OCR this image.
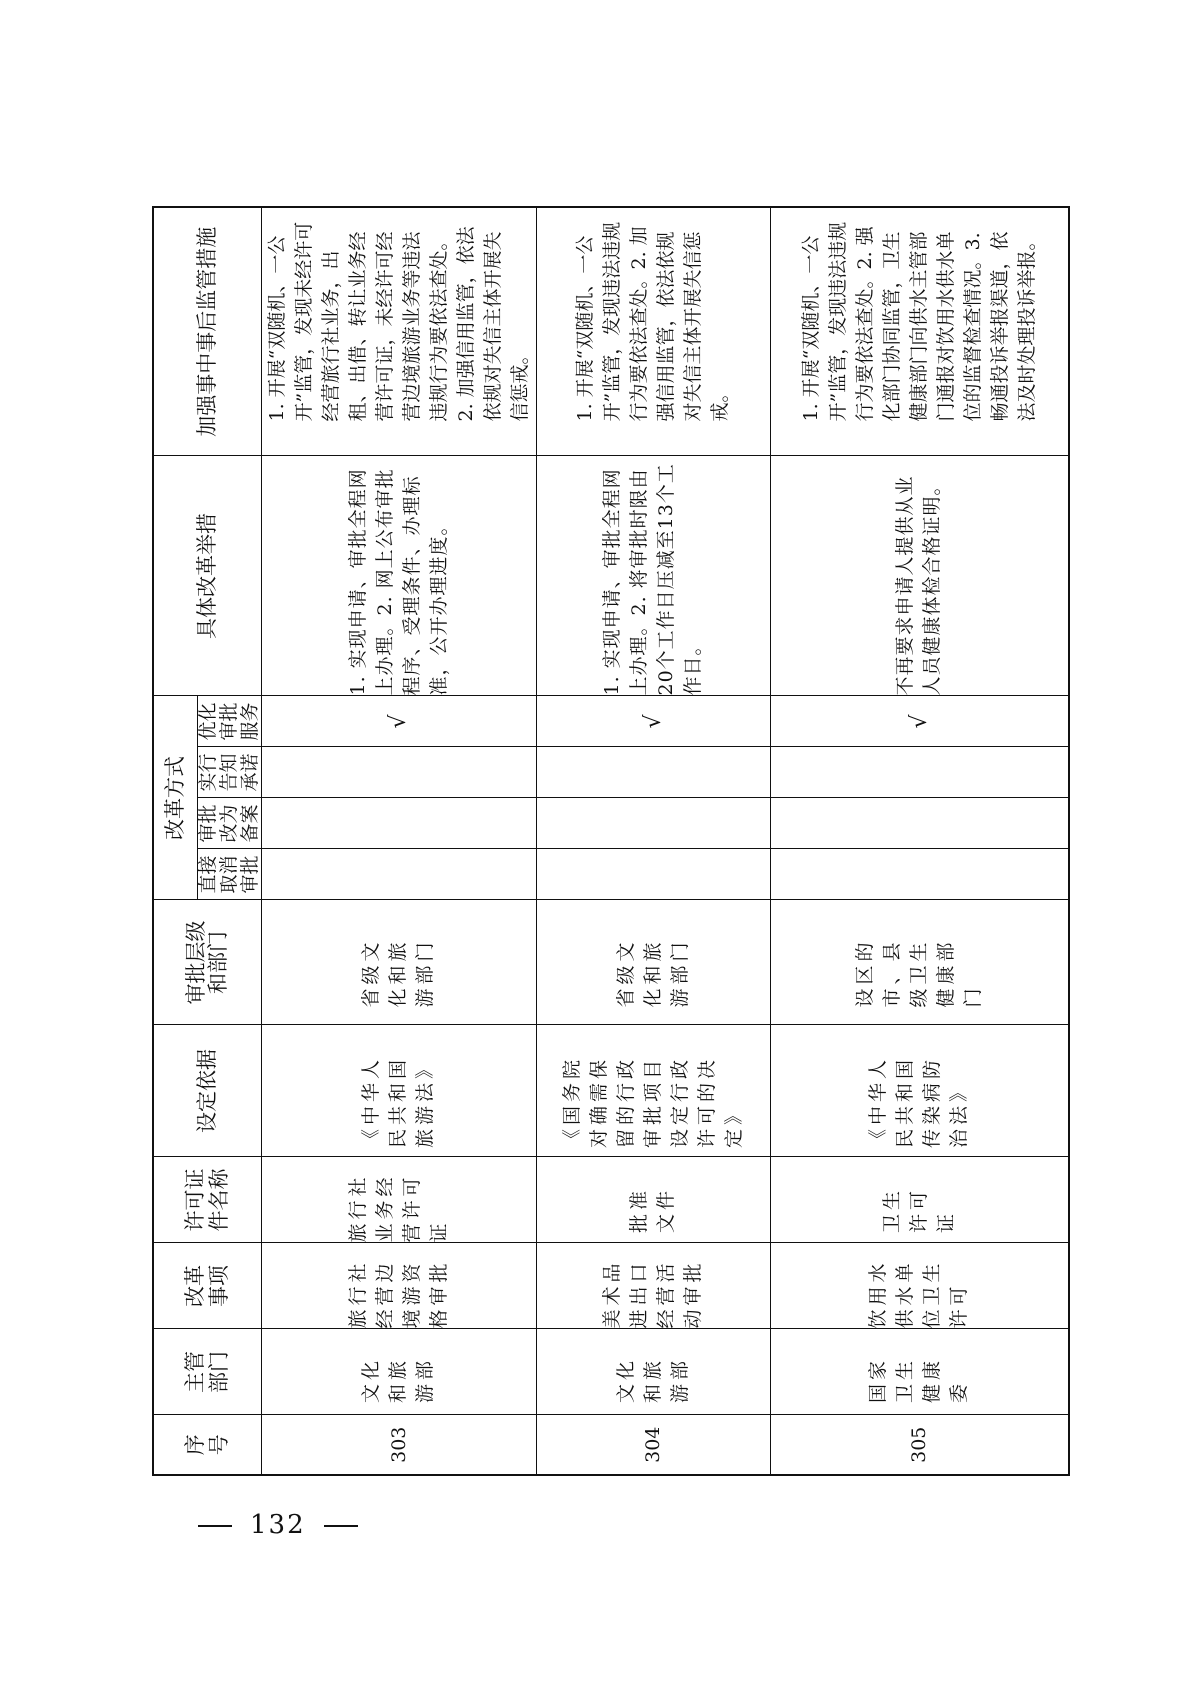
序号	主管部门	改革事项	许可证件名称	设定依据	审批层级和部门	改革方式				具体改革举措	加强事中事后监管措施
						直接取消审批	审批改为备案	实行告知承诺	优化审批服务		
303	文化和旅游部	旅行社经营边境游资格审批	旅行社业务经营许可证	《中华人民共和国旅游法》	省级文化和旅游部门				√	1. 实现申请、审批全程网上办理。2. 网上公布审批程序、受理条件、办理标准，公开办理进度。	1. 开展“双随机、一公开”监管，发现未经许可经营旅行社业务，出租、出借、转让业务经营许可证，未经许可经营边境旅游业务等违法违规行为要依法查处。2. 加强信用监管，依法依规对失信主体开展失信惩戒。
304	文化和旅游部	美术品进出口经营活动审批	批准文件	《国务院对确需保留的行政审批项目设定行政许可的决定》	省级文化和旅游部门				√	1. 实现申请、审批全程网上办理。2. 将审批时限由20个工作日压减至13个工作日。	1. 开展“双随机、一公开”监管，发现违法违规行为要依法查处。2. 加强信用监管，依法依规对失信主体开展失信惩戒。
305	国家卫生健康委	饮用水供水单位卫生许可	卫生许可证	《中华人民共和国传染病防治法》	设区的市、县级卫生健康部门				√	不再要求申请人提供从业人员健康体检合格证明。	1. 开展“双随机、一公开”监管，发现违法违规行为要依法查处。2. 强化部门协同监管，卫生健康部门向供水主管部门通报对饮用水供水单位的监督检查情况。3. 畅通投诉举报渠道，依法及时处理投诉举报。
132
